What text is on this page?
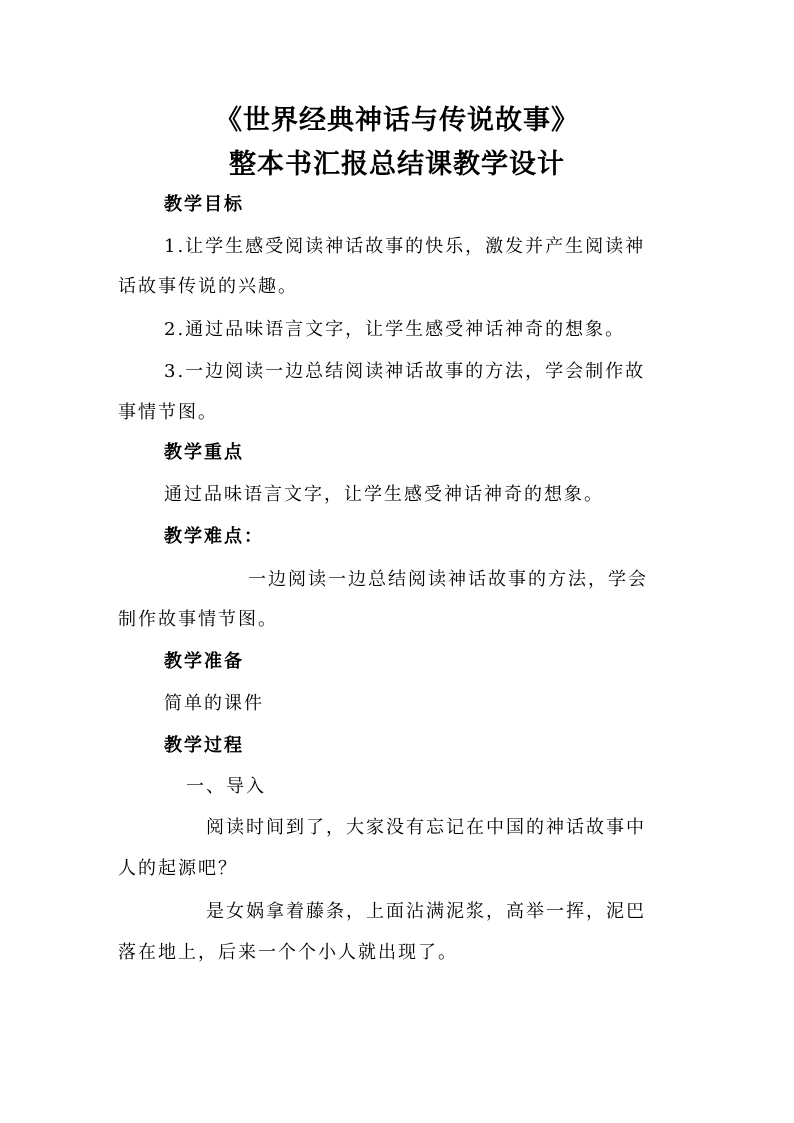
《世界经典神话与传说故事》
整本书汇报总结课教学设计
教学目标
1.让学生感受阅读神话故事的快乐，激发并产生阅读神
话故事传说的兴趣。
2.通过品味语言文字，让学生感受神话神奇的想象。
3.一边阅读一边总结阅读神话故事的方法，学会制作故
事情节图。
教学重点
通过品味语言文字，让学生感受神话神奇的想象。
教学难点：
一边阅读一边总结阅读神话故事的方法，学会
制作故事情节图。
教学准备
简单的课件
教学过程
一、导入
阅读时间到了，大家没有忘记在中国的神话故事中
人的起源吧？
是女娲拿着藤条，上面沾满泥浆，高举一挥，泥巴
落在地上，后来一个个小人就出现了。
